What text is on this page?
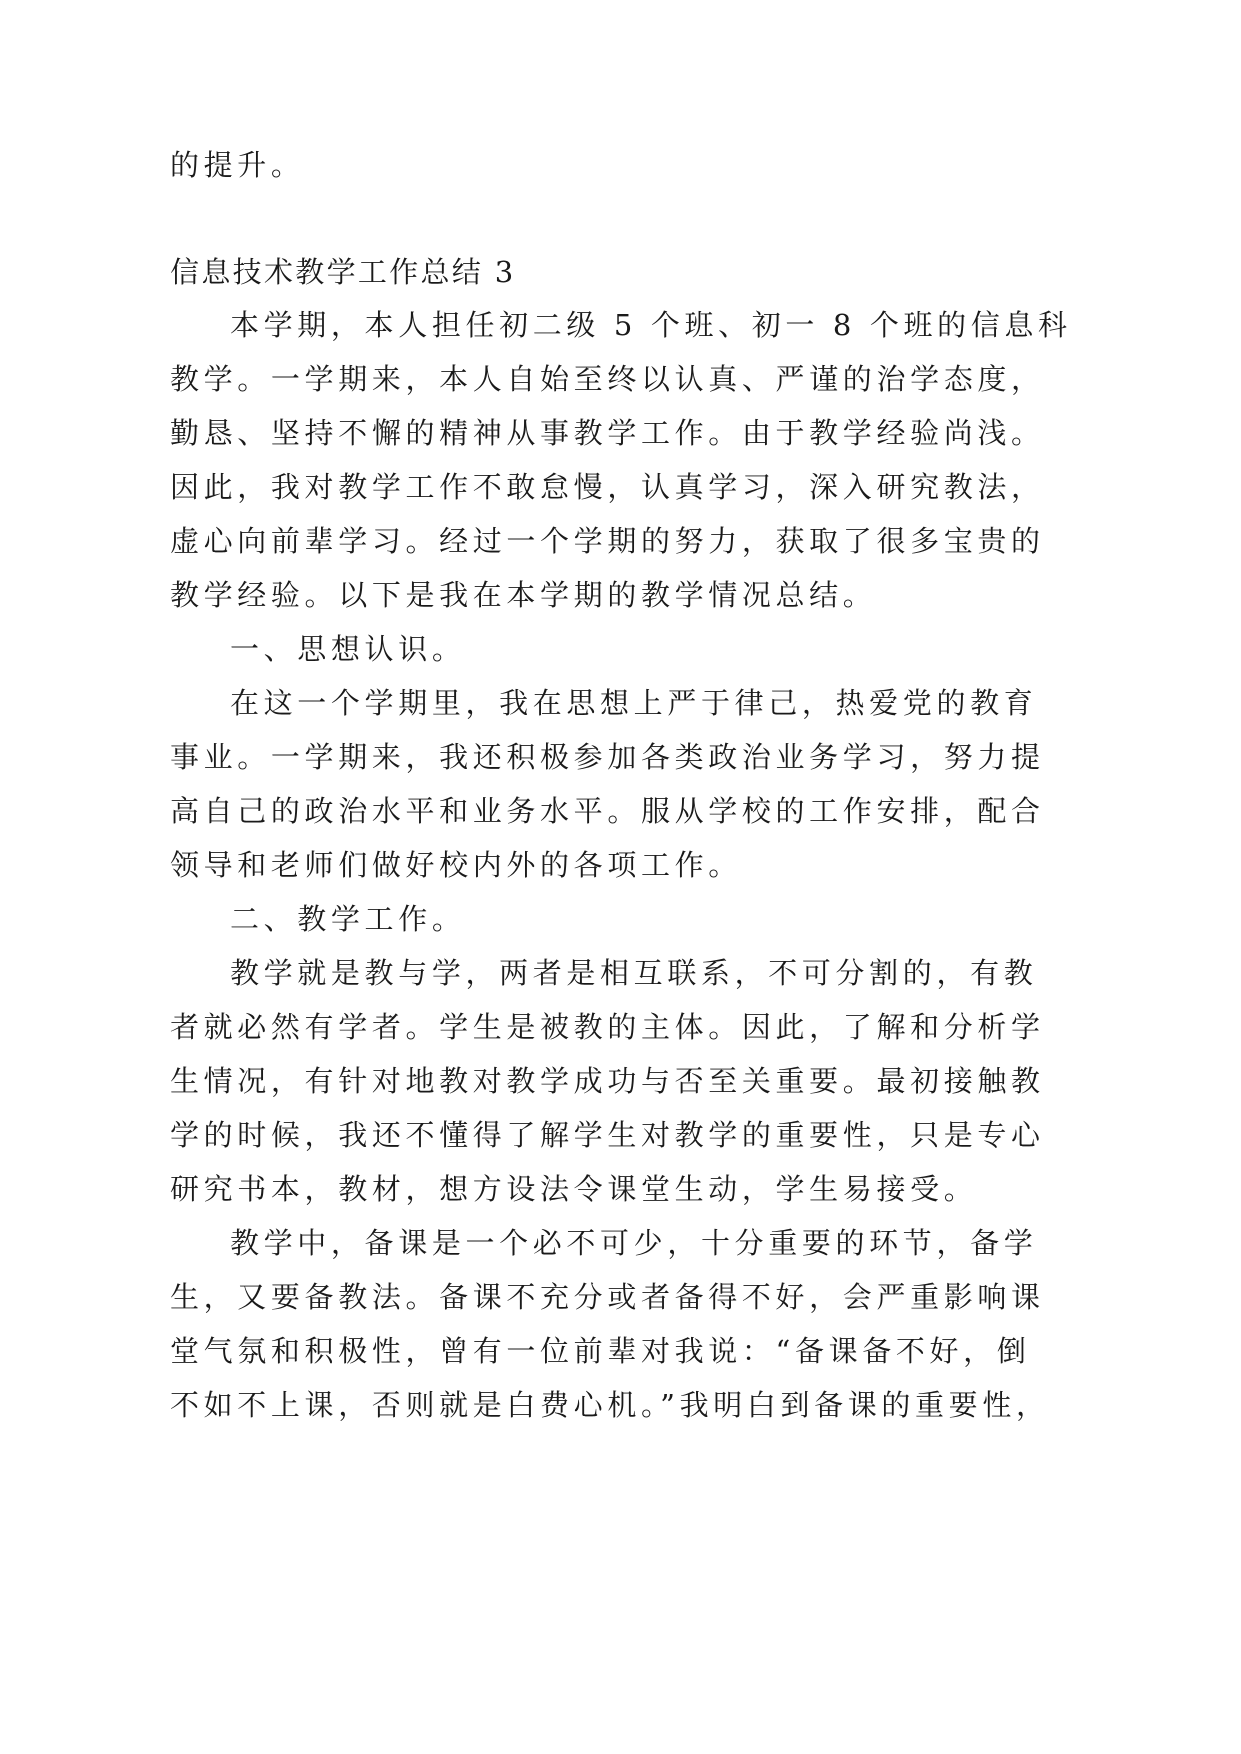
的提升。

信息技术教学工作总结 3

本学期，本人担任初二级 5 个班、初一 8 个班的信息科

教学。一学期来，本人自始至终以认真、严谨的治学态度，

勤恳、坚持不懈的精神从事教学工作。由于教学经验尚浅。

因此，我对教学工作不敢怠慢，认真学习，深入研究教法，

虚心向前辈学习。经过一个学期的努力，获取了很多宝贵的

教学经验。以下是我在本学期的教学情况总结。

一、思想认识。

在这一个学期里，我在思想上严于律己，热爱党的教育

事业。一学期来，我还积极参加各类政治业务学习，努力提

高自己的政治水平和业务水平。服从学校的工作安排，配合

领导和老师们做好校内外的各项工作。

二、教学工作。

教学就是教与学，两者是相互联系，不可分割的，有教

者就必然有学者。学生是被教的主体。因此，了解和分析学

生情况，有针对地教对教学成功与否至关重要。最初接触教

学的时候，我还不懂得了解学生对教学的重要性，只是专心

研究书本，教材，想方设法令课堂生动，学生易接受。

教学中，备课是一个必不可少，十分重要的环节，备学

生，又要备教法。备课不充分或者备得不好，会严重影响课

堂气氛和积极性，曾有一位前辈对我说：“备课备不好，倒

不如不上课，否则就是白费心机。”我明白到备课的重要性，
